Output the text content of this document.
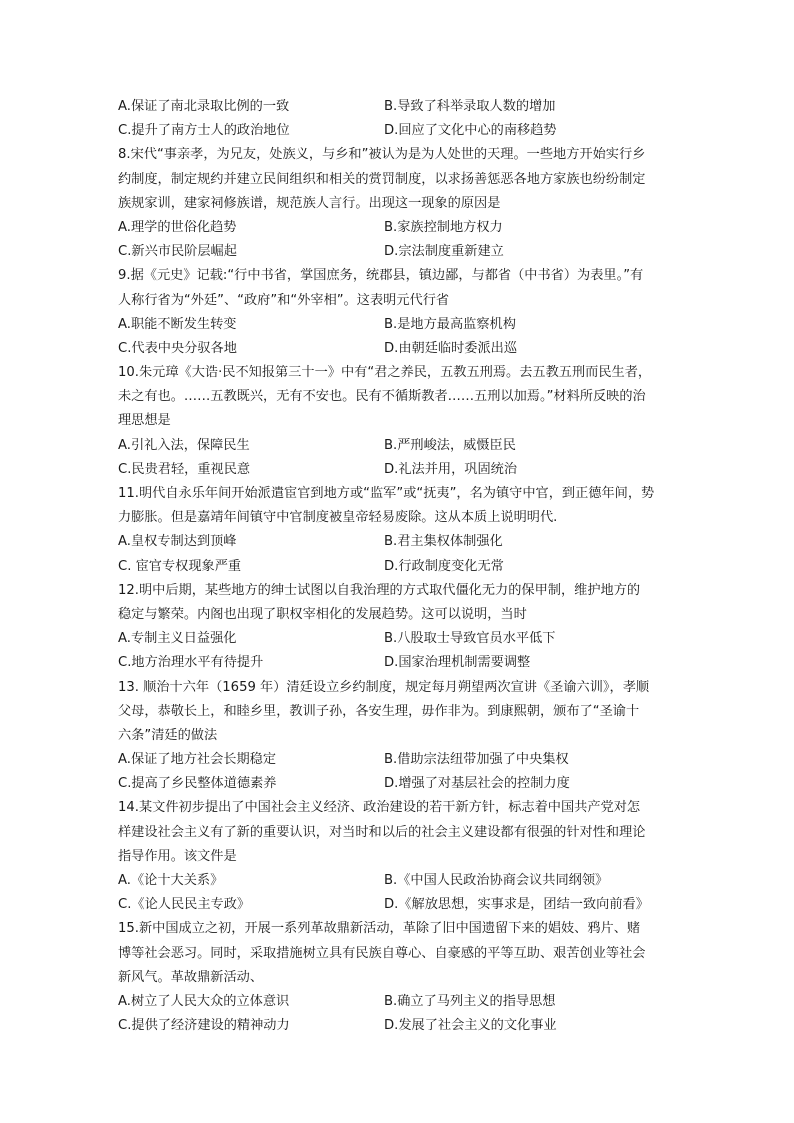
A.保证了南北录取比例的一致	B.导致了科举录取人数的增加
C.提升了南方士人的政治地位	D.回应了文化中心的南移趋势
8.宋代“事亲孝，为兄友，处族义，与乡和”被认为是为人处世的天理。一些地方开始实行乡
约制度，制定规约并建立民间组织和相关的赏罚制度，以求扬善惩恶各地方家族也纷纷制定
族规家训，建家祠修族谱，规范族人言行。出现这一现象的原因是
A.理学的世俗化趋势	B.家族控制地方权力
C.新兴市民阶层崛起	D.宗法制度重新建立
9.据《元史》记载:“行中书省，掌国庶务，统郡县，镇边鄙，与都省（中书省）为表里。”有
人称行省为“外廷”、“政府”和“外宰相”。这表明元代行省
A.职能不断发生转变	B.是地方最高监察机构
C.代表中央分驭各地	D.由朝廷临时委派出巡
10.朱元璋《大诰·民不知报第三十一》中有“君之养民，五教五刑焉。去五教五刑而民生者，
未之有也。……五教既兴，无有不安也。民有不循斯教者……五刑以加焉。”材料所反映的治
理思想是
A.引礼入法，保障民生	B.严刑峻法，威慑臣民
C.民贵君轻，重视民意	D.礼法并用，巩固统治
11.明代自永乐年间开始派遣宦官到地方或“监军”或“抚夷”，名为镇守中官，到正德年间，势
力膨胀。但是嘉靖年间镇守中官制度被皇帝轻易废除。这从本质上说明明代.
A.皇权专制达到顶峰	B.君主集权体制强化
C. 宦官专权现象严重	D.行政制度变化无常
12.明中后期，某些地方的绅士试图以自我治理的方式取代僵化无力的保甲制，维护地方的
稳定与繁荣。内阁也出现了职权宰相化的发展趋势。这可以说明，当时
A.专制主义日益强化	B.八股取士导致官员水平低下
C.地方治理水平有待提升	D.国家治理机制需要调整
13. 顺治十六年（1659 年）清廷设立乡约制度，规定每月朔望两次宣讲《圣谕六训》，孝顺
父母，恭敬长上，和睦乡里，教训子孙，各安生理，毋作非为。到康熙朝，颁布了“圣谕十
六条”清廷的做法
A.保证了地方社会长期稳定	B.借助宗法纽带加强了中央集权
C.提高了乡民整体道德素养	D.增强了对基层社会的控制力度
14.某文件初步提出了中国社会主义经济、政治建设的若干新方针，标志着中国共产党对怎
样建设社会主义有了新的重要认识，对当时和以后的社会主义建设都有很强的针对性和理论
指导作用。该文件是
A.《论十大关系》	B.《中国人民政治协商会议共同纲领》
C.《论人民民主专政》	D.《解放思想，实事求是，团结一致向前看》
15.新中国成立之初，开展一系列革故鼎新活动，革除了旧中国遗留下来的娼妓、鸦片、赌
博等社会恶习。同时，采取措施树立具有民族自尊心、自豪感的平等互助、艰苦创业等社会
新风气。革故鼎新活动、
A.树立了人民大众的立体意识	B.确立了马列主义的指导思想
C.提供了经济建设的精神动力	D.发展了社会主义的文化事业
